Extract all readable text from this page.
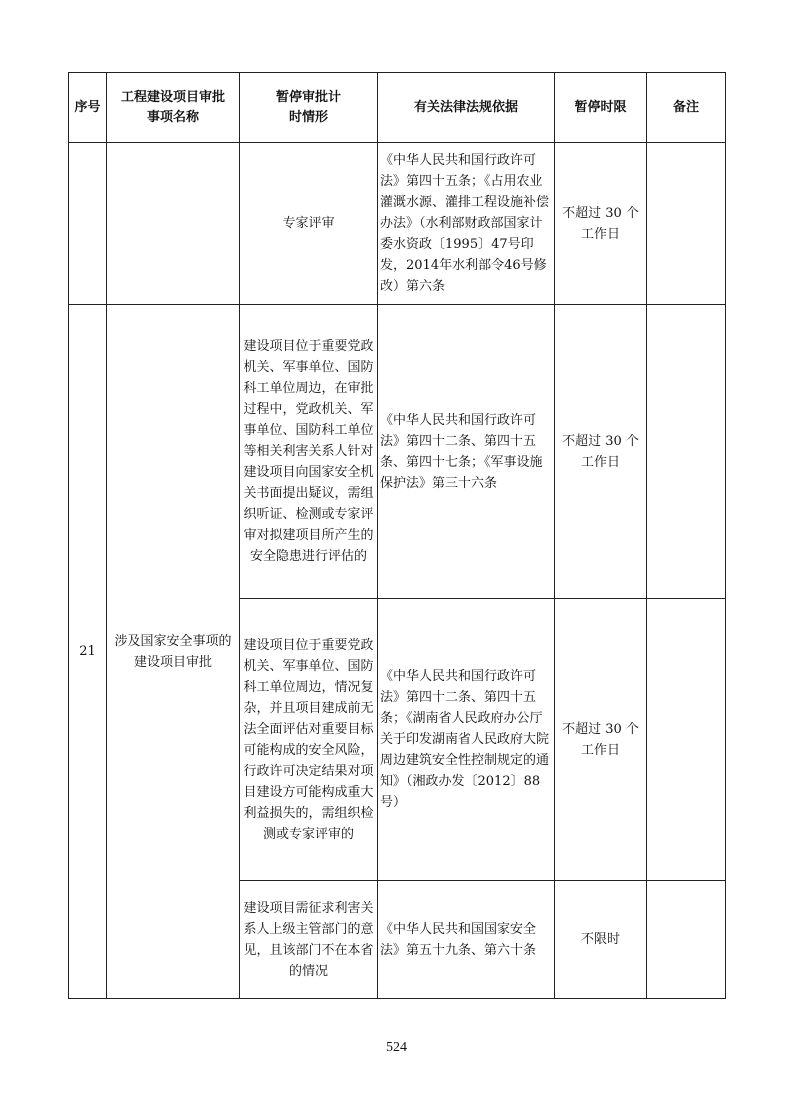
序号	工程建设项目审批事项名称	暂停审批计时情形	有关法律法规依据	暂停时限	备注
		专家评审	《中华人民共和国行政许可法》第四十五条；《占用农业灌溉水源、灌排工程设施补偿办法》（水利部财政部国家计委水资政〔1995〕47号印发，2014年水利部令46号修改）第六条	不超过 30 个工作日	
21	涉及国家安全事项的建设项目审批	建设项目位于重要党政机关、军事单位、国防科工单位周边，在审批过程中，党政机关、军事单位、国防科工单位等相关利害关系人针对建设项目向国家安全机关书面提出疑议，需组织听证、检测或专家评审对拟建项目所产生的安全隐患进行评估的	《中华人民共和国行政许可法》第四十二条、第四十五条、第四十七条；《军事设施保护法》第三十六条	不超过 30 个工作日	
		建设项目位于重要党政机关、军事单位、国防科工单位周边，情况复杂，并且项目建成前无法全面评估对重要目标可能构成的安全风险，行政许可决定结果对项目建设方可能构成重大利益损失的，需组织检测或专家评审的	《中华人民共和国行政许可法》第四十二条、第四十五条；《湖南省人民政府办公厅关于印发湖南省人民政府大院周边建筑安全性控制规定的通知》（湘政办发〔2012〕88号）	不超过 30 个工作日	
		建设项目需征求利害关系人上级主管部门的意见，且该部门不在本省的情况	《中华人民共和国国家安全法》第五十九条、第六十条	不限时	
524
